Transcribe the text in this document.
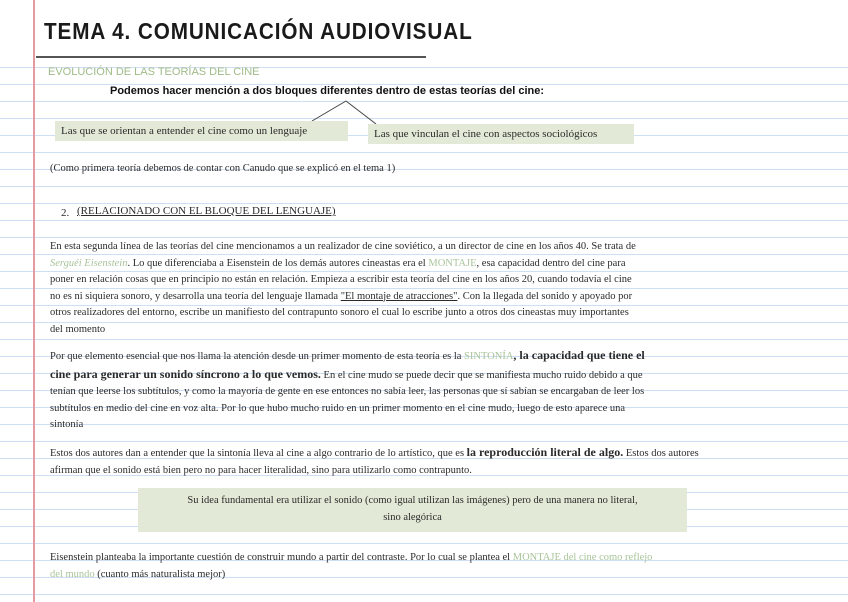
TEMA 4. COMUNICACIÓN AUDIOVISUAL
EVOLUCIÓN DE LAS TEORÍAS DEL CINE
Podemos hacer mención a dos bloques diferentes dentro de estas teorías del cine:
Las que se orientan a entender el cine como un lenguaje	Las que vinculan el cine con aspectos sociológicos
(Como primera teoría debemos de contar con Canudo que se explicó en el tema 1)
2. (RELACIONADO CON EL BLOQUE DEL LENGUAJE)
En esta segunda línea de las teorías del cine mencionamos a un realizador de cine soviético, a un director de cine en los años 40. Se trata de
Serguéi Eisenstein. Lo que diferenciaba a Eisenstein de los demás autores cineastas era el MONTAJE, esa capacidad dentro del cine para
poner en relación cosas que en principio no están en relación. Empieza a escribir esta teoría del cine en los años 20, cuando todavía el cine
no es ni siquiera sonoro, y desarrolla una teoría del lenguaje llamada "El montaje de atracciones". Con la llegada del sonido y apoyado por
otros realizadores del entorno, escribe un manifiesto del contrapunto sonoro el cual lo escribe junto a otros dos cineastas muy importantes
del momento
Por que elemento esencial que nos llama la atención desde un primer momento de esta teoría es la SINTONÍA, la capacidad que tiene el
cine para generar un sonido síncrono a lo que vemos. En el cine mudo se puede decir que se manifiesta mucho ruido debido a que
tenían que leerse los subtítulos, y como la mayoría de gente en ese entonces no sabía leer, las personas que sí sabían se encargaban de leer los
subtítulos en medio del cine en voz alta. Por lo que hubo mucho ruido en un primer momento en el cine mudo, luego de esto aparece una
sintonía
Estos dos autores dan a entender que la sintonía lleva al cine a algo contrario de lo artístico, que es la reproducción literal de algo. Estos dos autores
afirman que el sonido está bien pero no para hacer literalidad, sino para utilizarlo como contrapunto.
Su idea fundamental era utilizar el sonido (como igual utilizan las imágenes) pero de una manera no literal,
sino alegórica
Eisenstein planteaba la importante cuestión de construir mundo a partir del contraste. Por lo cual se plantea el MONTAJE del cine como reflejo
del mundo (cuanto más naturalista mejor)
